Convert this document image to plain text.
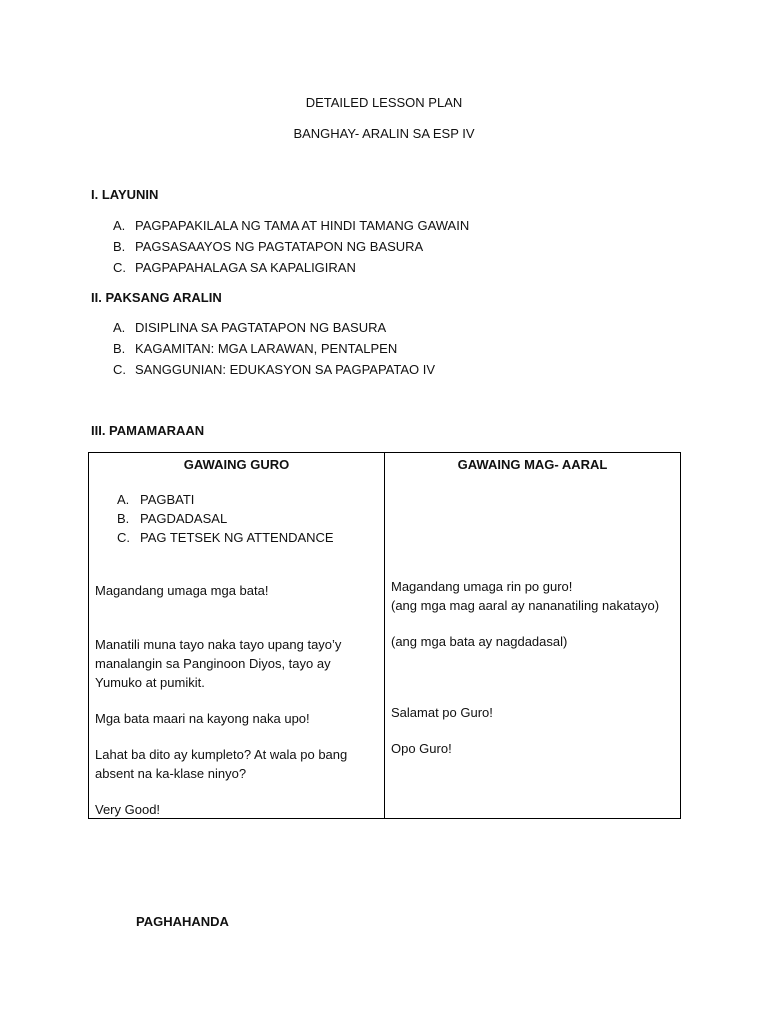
DETAILED LESSON PLAN
BANGHAY- ARALIN SA ESP IV
I. LAYUNIN
A. PAGPAPAKILALA NG TAMA AT HINDI TAMANG GAWAIN
B. PAGSASAAYOS NG PAGTATAPON NG BASURA
C. PAGPAPAHALAGA SA KAPALIGIRAN
II. PAKSANG ARALIN
A. DISIPLINA SA PAGTATAPON NG BASURA
B. KAGAMITAN: MGA LARAWAN, PENTALPEN
C. SANGGUNIAN: EDUKASYON SA PAGPAPATAO IV
III. PAMAMARAAN
GAWAING GURO
A. PAGBATI
B. PAGDADASAL
C. PAG TETSEK NG ATTENDANCE
Magandang umaga mga bata!
Manatili muna tayo naka tayo upang tayo’y
manalangin sa Panginoon Diyos, tayo ay
Yumuko at pumikit.
Mga bata maari na kayong naka upo!
Lahat ba dito ay kumpleto? At wala po bang
absent na ka-klase ninyo?
Very Good!
GAWAING MAG- AARAL
Magandang umaga rin po guro!
(ang mga mag aaral ay nananatiling nakatayo)
(ang mga bata ay nagdadasal)
Salamat po Guro!
Opo Guro!
PAGHAHANDA
